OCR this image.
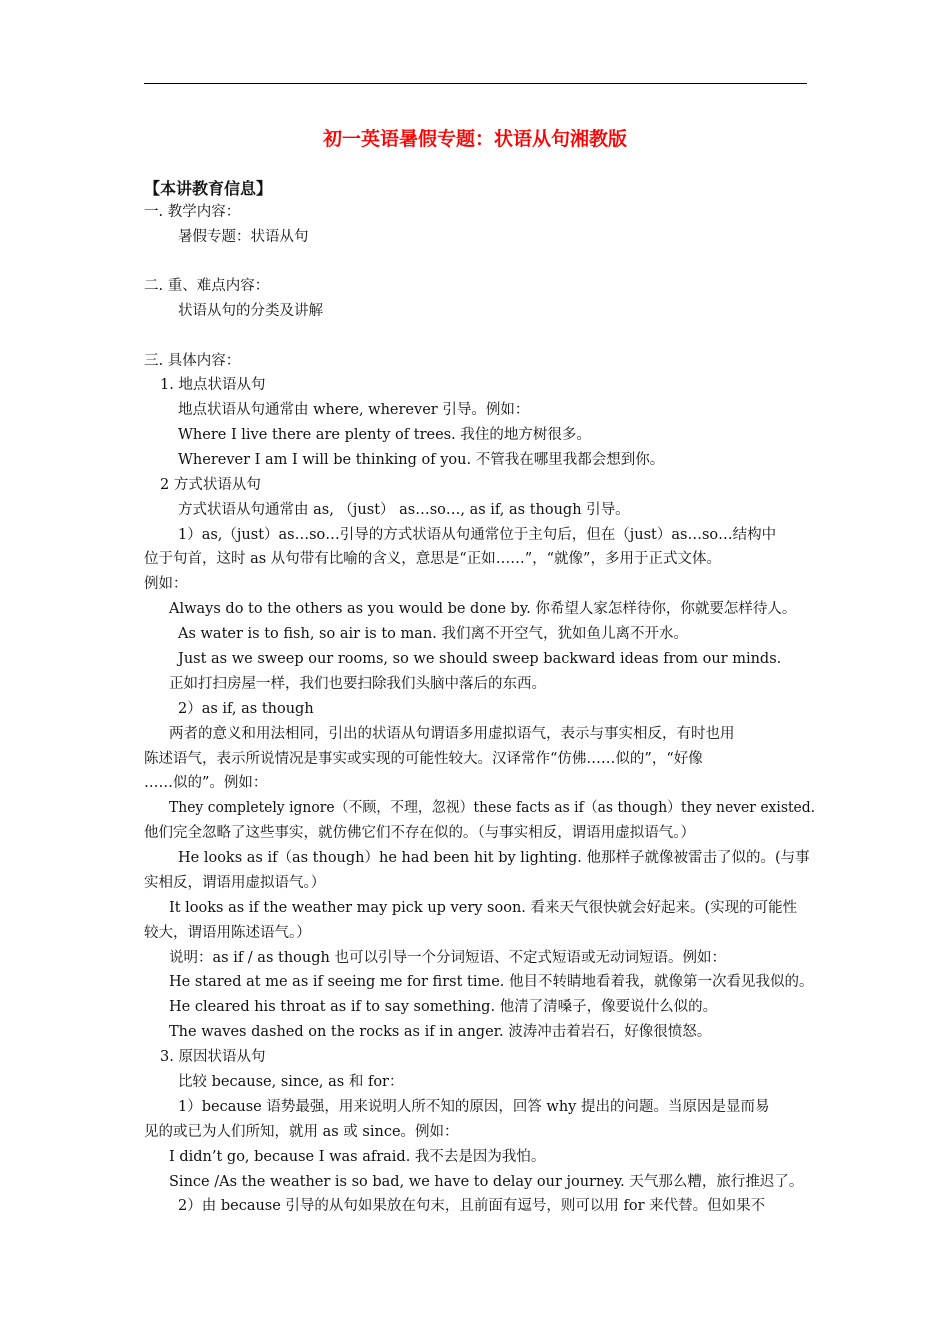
初一英语暑假专题：状语从句湘教版
【本讲教育信息】
一. 教学内容：
暑假专题：状语从句
二. 重、难点内容：
状语从句的分类及讲解
三. 具体内容：
1. 地点状语从句
地点状语从句通常由 where, wherever 引导。例如：
Where I live there are plenty of trees. 我住的地方树很多。
Wherever I am I will be thinking of you. 不管我在哪里我都会想到你。
2 方式状语从句
方式状语从句通常由 as, （just） as…so…, as if, as though 引导。
1）as,（just）as…so…引导的方式状语从句通常位于主句后，但在（just）as…so…结构中
位于句首，这时 as 从句带有比喻的含义，意思是“正如……”，“就像”，多用于正式文体。
例如：
Always do to the others as you would be done by. 你希望人家怎样待你，你就要怎样待人。
As water is to fish, so air is to man. 我们离不开空气，犹如鱼儿离不开水。
Just as we sweep our rooms, so we should sweep backward ideas from our minds.
正如打扫房屋一样，我们也要扫除我们头脑中落后的东西。
2）as if, as though
两者的意义和用法相同，引出的状语从句谓语多用虚拟语气，表示与事实相反，有时也用
陈述语气，表示所说情况是事实或实现的可能性较大。汉译常作“仿佛……似的”，“好像
……似的”。例如：
They completely ignore（不顾，不理，忽视）these facts as if（as though）they never existed.
他们完全忽略了这些事实，就仿佛它们不存在似的。（与事实相反，谓语用虚拟语气。）
He looks as if（as though）he had been hit by lighting. 他那样子就像被雷击了似的。(与事
实相反，谓语用虚拟语气。）
It looks as if the weather may pick up very soon. 看来天气很快就会好起来。(实现的可能性
较大，谓语用陈述语气。）
说明：as if / as though 也可以引导一个分词短语、不定式短语或无动词短语。例如：
He stared at me as if seeing me for first time. 他目不转睛地看着我，就像第一次看见我似的。
He cleared his throat as if to say something. 他清了清嗓子，像要说什么似的。
The waves dashed on the rocks as if in anger. 波涛冲击着岩石，好像很愤怒。
3. 原因状语从句
比较 because, since, as 和 for：
1）because 语势最强，用来说明人所不知的原因，回答 why 提出的问题。当原因是显而易
见的或已为人们所知，就用 as 或 since。例如：
I didn’t go, because I was afraid. 我不去是因为我怕。
Since /As the weather is so bad, we have to delay our journey. 天气那么糟，旅行推迟了。
2）由 because 引导的从句如果放在句末，且前面有逗号，则可以用 for 来代替。但如果不
